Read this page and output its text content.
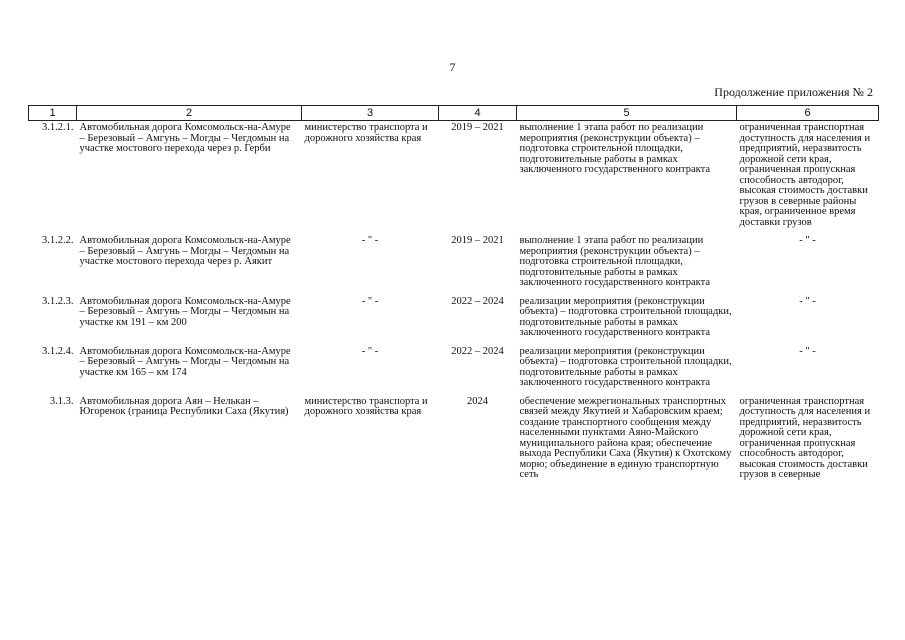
7
Продолжение приложения № 2
1	2	3	4	5	6
3.1.2.1.	Автомобильная дорога Комсомольск-на-Амуре – Березовый – Амгунь – Могды – Чегдомын на участке мостового перехода через р. Герби	министерство транспорта и дорожного хозяйства края	2019 – 2021	выполнение 1 этапа работ по реализации мероприятия (реконструкции объекта) – подготовка строительной площадки, подготовительные работы в рамках заключенного государственного контракта	ограниченная транспортная доступность для населения и предприятий, неразвитость дорожной сети края, ограниченная пропускная способность автодорог, высокая стоимость доставки грузов в северные районы края, ограниченное время доставки грузов
3.1.2.2.	Автомобильная дорога Комсомольск-на-Амуре – Березовый – Амгунь – Могды – Чегдомын на участке мостового перехода через р. Аякит	- " -	2019 – 2021	выполнение 1 этапа работ по реализации мероприятия (реконструкции объекта) – подготовка строительной площадки, подготовительные работы в рамках заключенного государственного контракта	- " -
3.1.2.3.	Автомобильная дорога Комсомольск-на-Амуре – Березовый – Амгунь – Могды – Чегдомын на участке км 191 – км 200	- " -	2022 – 2024	реализации мероприятия (реконструкции объекта) – подготовка строительной площадки, подготовительные работы в рамках заключенного государственного контракта	- " -
3.1.2.4.	Автомобильная дорога Комсомольск-на-Амуре – Березовый – Амгунь – Могды – Чегдомын на участке км 165 – км 174	- " -	2022 – 2024	реализации мероприятия (реконструкции объекта) – подготовка строительной площадки, подготовительные работы в рамках заключенного государственного контракта	- " -
3.1.3.	Автомобильная дорога Аян – Нелькан – Югоренок (граница Республики Саха (Якутия)	министерство транспорта и дорожного хозяйства края	2024	обеспечение межрегиональных транспортных связей между Якутией и Хабаровским краем; создание транспортного сообщения между населенными пунктами Аяно-Майского муниципального района края; обеспечение выхода Республики Саха (Якутия) к Охотскому морю; объединение в единую транспортную сеть	ограниченная транспортная доступность для населения и предприятий, неразвитость дорожной сети края, ограниченная пропускная способность автодорог, высокая стоимость доставки грузов в северные
